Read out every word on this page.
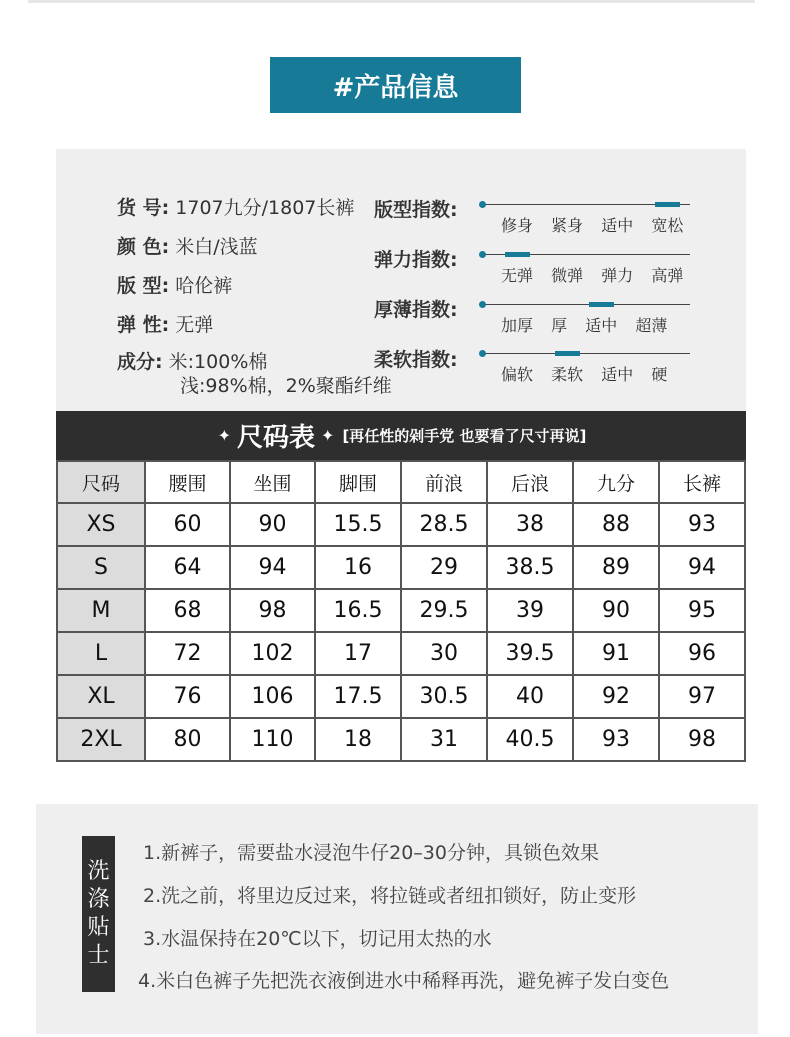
#产品信息
货 号: 1707九分/1807长裤
颜 色: 米白/浅蓝
版 型: 哈伦裤
弹 性: 无弹
成分: 米:100%棉
浅:98%棉，2%聚酯纤维
版型指数:
修身 紧身 适中 宽松
弹力指数:
无弹 微弹 弹力 高弹
厚薄指数:
加厚 厚 适中 超薄
柔软指数:
偏软 柔软 适中 硬
✦ 尺码表 ✦ [再任性的剁手党 也要看了尺寸再说]
尺码	腰围	坐围	脚围	前浪	后浪	九分	长裤
XS	60	90	15.5	28.5	38	88	93
S	64	94	16	29	38.5	89	94
M	68	98	16.5	29.5	39	90	95
L	72	102	17	30	39.5	91	96
XL	76	106	17.5	30.5	40	92	97
2XL	80	110	18	31	40.5	93	98
洗
涤
贴
士
1.新裤子，需要盐水浸泡牛仔20–30分钟，具锁色效果
2.洗之前，将里边反过来，将拉链或者纽扣锁好，防止变形
3.水温保持在20℃以下，切记用太热的水
4.米白色裤子先把洗衣液倒进水中稀释再洗，避免裤子发白变色
